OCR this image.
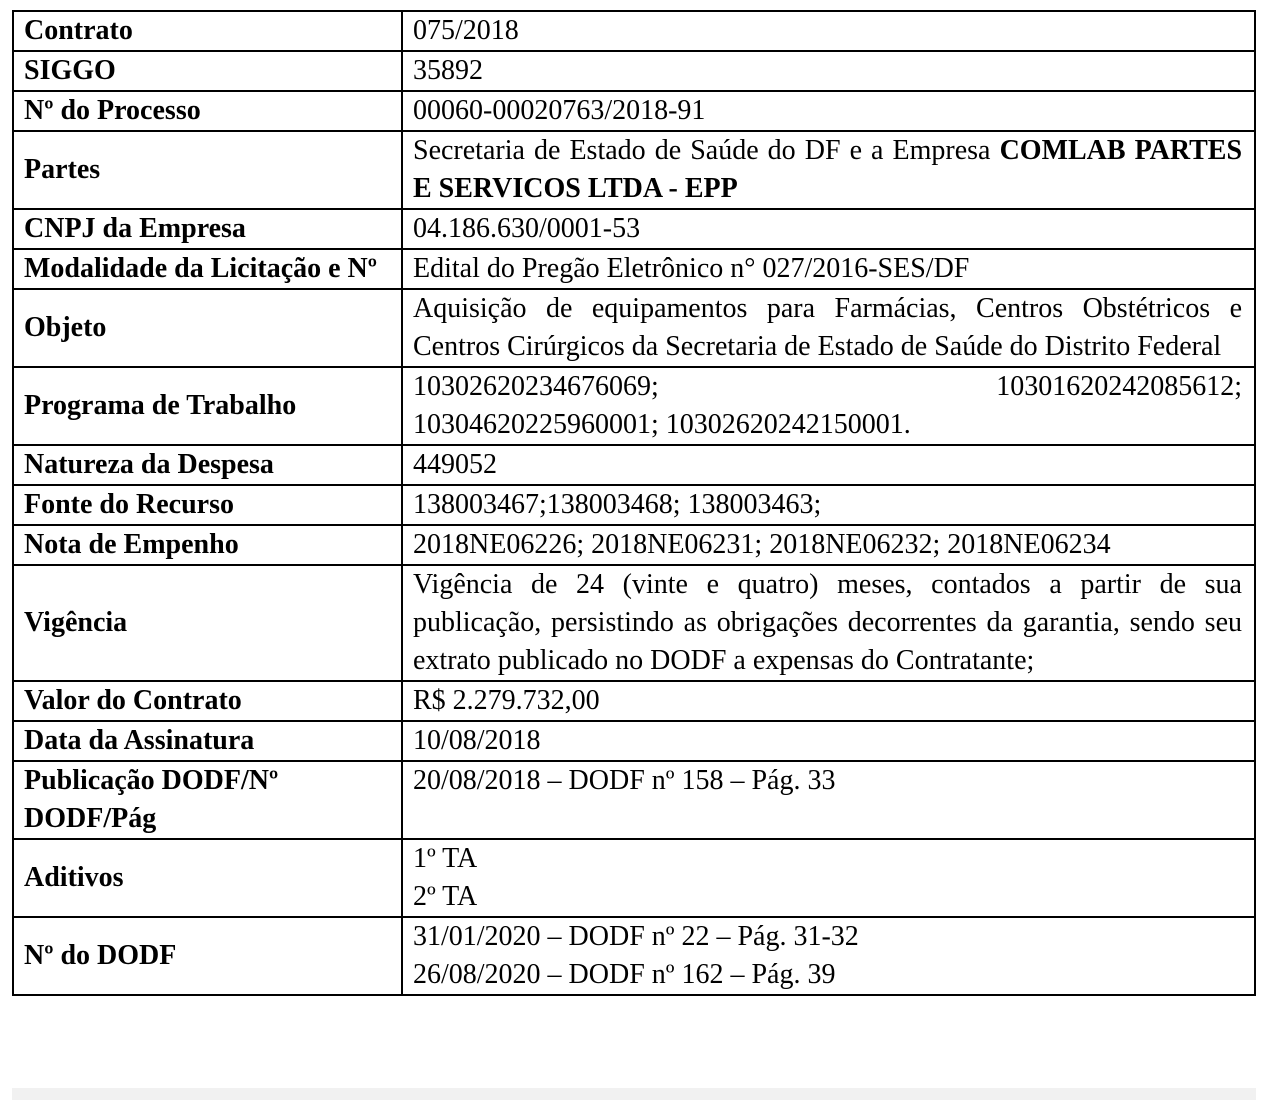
Contrato	075/2018
SIGGO	35892
Nº do Processo	00060-00020763/2018-91
Partes	Secretaria de Estado de Saúde do DF e a Empresa COMLAB PARTES E SERVICOS LTDA - EPP
CNPJ da Empresa	04.186.630/0001-53
Modalidade da Licitação e Nº	Edital do Pregão Eletrônico n° 027/2016-SES/DF
Objeto	Aquisição de equipamentos para Farmácias, Centros Obstétricos e Centros Cirúrgicos da Secretaria de Estado de Saúde do Distrito Federal
Programa de Trabalho	10302620234676069; 10301620242085612;
10304620225960001; 10302620242150001.

Natureza da Despesa	449052
Fonte do Recurso	138003467;138003468; 138003463;
Nota de Empenho	2018NE06226; 2018NE06231; 2018NE06232; 2018NE06234
Vigência	Vigência de 24 (vinte e quatro) meses, contados a partir de sua publicação, persistindo as obrigações decorrentes da garantia, sendo seu extrato publicado no DODF a expensas do Contratante;
Valor do Contrato	R$ 2.279.732,00
Data da Assinatura	10/08/2018
Publicação DODF/Nº DODF/Pág	20/08/2018 – DODF nº 158 – Pág. 33
Aditivos	1º TA
2º TA

Nº do DODF	31/01/2020 – DODF nº 22 – Pág. 31-32
26/08/2020 – DODF nº 162 – Pág. 39
